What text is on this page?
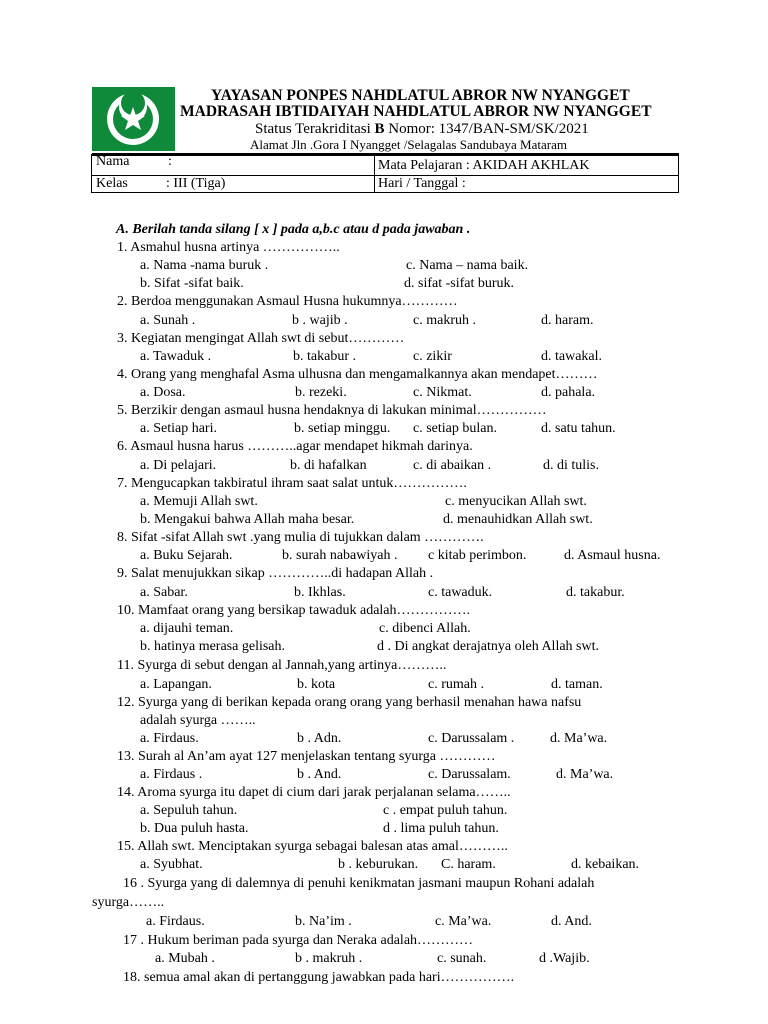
YAYASAN PONPES NAHDLATUL ABROR NW NYANGGET
MADRASAH IBTIDAIYAH NAHDLATUL ABROR NW NYANGGET
Status Terakriditasi B Nomor: 1347/BAN-SM/SK/2021
Alamat Jln .Gora I Nyangget /Selagalas Sandubaya Mataram
Nama	:
Kelas	: III (Tiga)
Mata Pelajaran : AKIDAH AKHLAK
Hari / Tanggal :
A. Berilah tanda silang [ x ] pada a,b.c atau d pada jawaban .
1. Asmahul husna artinya ……………..
a. Nama -nama buruk .	c. Nama – nama baik.
b. Sifat -sifat baik.	d. sifat -sifat buruk.
2. Berdoa menggunakan Asmaul Husna hukumnya…………
a. Sunah .	b . wajib .	c. makruh .	d. haram.
3. Kegiatan mengingat Allah swt di sebut…………
a. Tawaduk .	b. takabur .	c. zikir	d. tawakal.
4. Orang yang menghafal Asma ulhusna dan mengamalkannya akan mendapet………
a. Dosa.	b. rezeki.	c. Nikmat.	d. pahala.
5. Berzikir dengan asmaul husna hendaknya di lakukan minimal……………
a. Setiap hari.	b. setiap minggu. c. setiap bulan.	d. satu tahun.
6. Asmaul husna harus ………..agar mendapet hikmah darinya.
a. Di pelajari.	b. di hafalkan	c. di abaikan .	d. di tulis.
7. Mengucapkan takbiratul ihram saat salat untuk…………….
a. Memuji Allah swt.	c. menyucikan Allah swt.
b. Mengakui bahwa Allah maha besar.	d. menauhidkan Allah swt.
8. Sifat -sifat Allah swt .yang mulia di tujukkan dalam ………….
a. Buku Sejarah.	b. surah nabawiyah . c kitab perimbon.	d. Asmaul husna.
9. Salat menujukkan sikap …………..di hadapan Allah .
a. Sabar.	b. Ikhlas.	c. tawaduk.	d. takabur.
10. Mamfaat orang yang bersikap tawaduk adalah…………….
a. dijauhi teman.	c. dibenci Allah.
b. hatinya merasa gelisah.	d . Di angkat derajatnya oleh Allah swt.
11. Syurga di sebut dengan al Jannah,yang artinya………..
a. Lapangan.	b. kota	c. rumah .	d. taman.
12. Syurga yang di berikan kepada orang orang yang berhasil menahan hawa nafsu
adalah syurga ……..
a. Firdaus.	b . Adn.	c. Darussalam .	d. Ma’wa.
13. Surah al An’am ayat 127 menjelaskan tentang syurga …………
a. Firdaus .	b . And.	c. Darussalam.	d. Ma’wa.
14. Aroma syurga itu dapet di cium dari jarak perjalanan selama……..
a. Sepuluh tahun.	c . empat puluh tahun.
b. Dua puluh hasta.	d . lima puluh tahun.
15. Allah swt. Menciptakan syurga sebagai balesan atas amal………..
a. Syubhat.	b . keburukan. C. haram.	d. kebaikan.
16 . Syurga yang di dalemnya di penuhi kenikmatan jasmani maupun Rohani adalah
syurga……..
a. Firdaus.	b. Na’im .	c. Ma’wa.	d. And.
17 . Hukum beriman pada syurga dan Neraka adalah…………
a. Mubah .	b . makruh .	c. sunah.	d .Wajib.
18. semua amal akan di pertanggung jawabkan pada hari…………….
